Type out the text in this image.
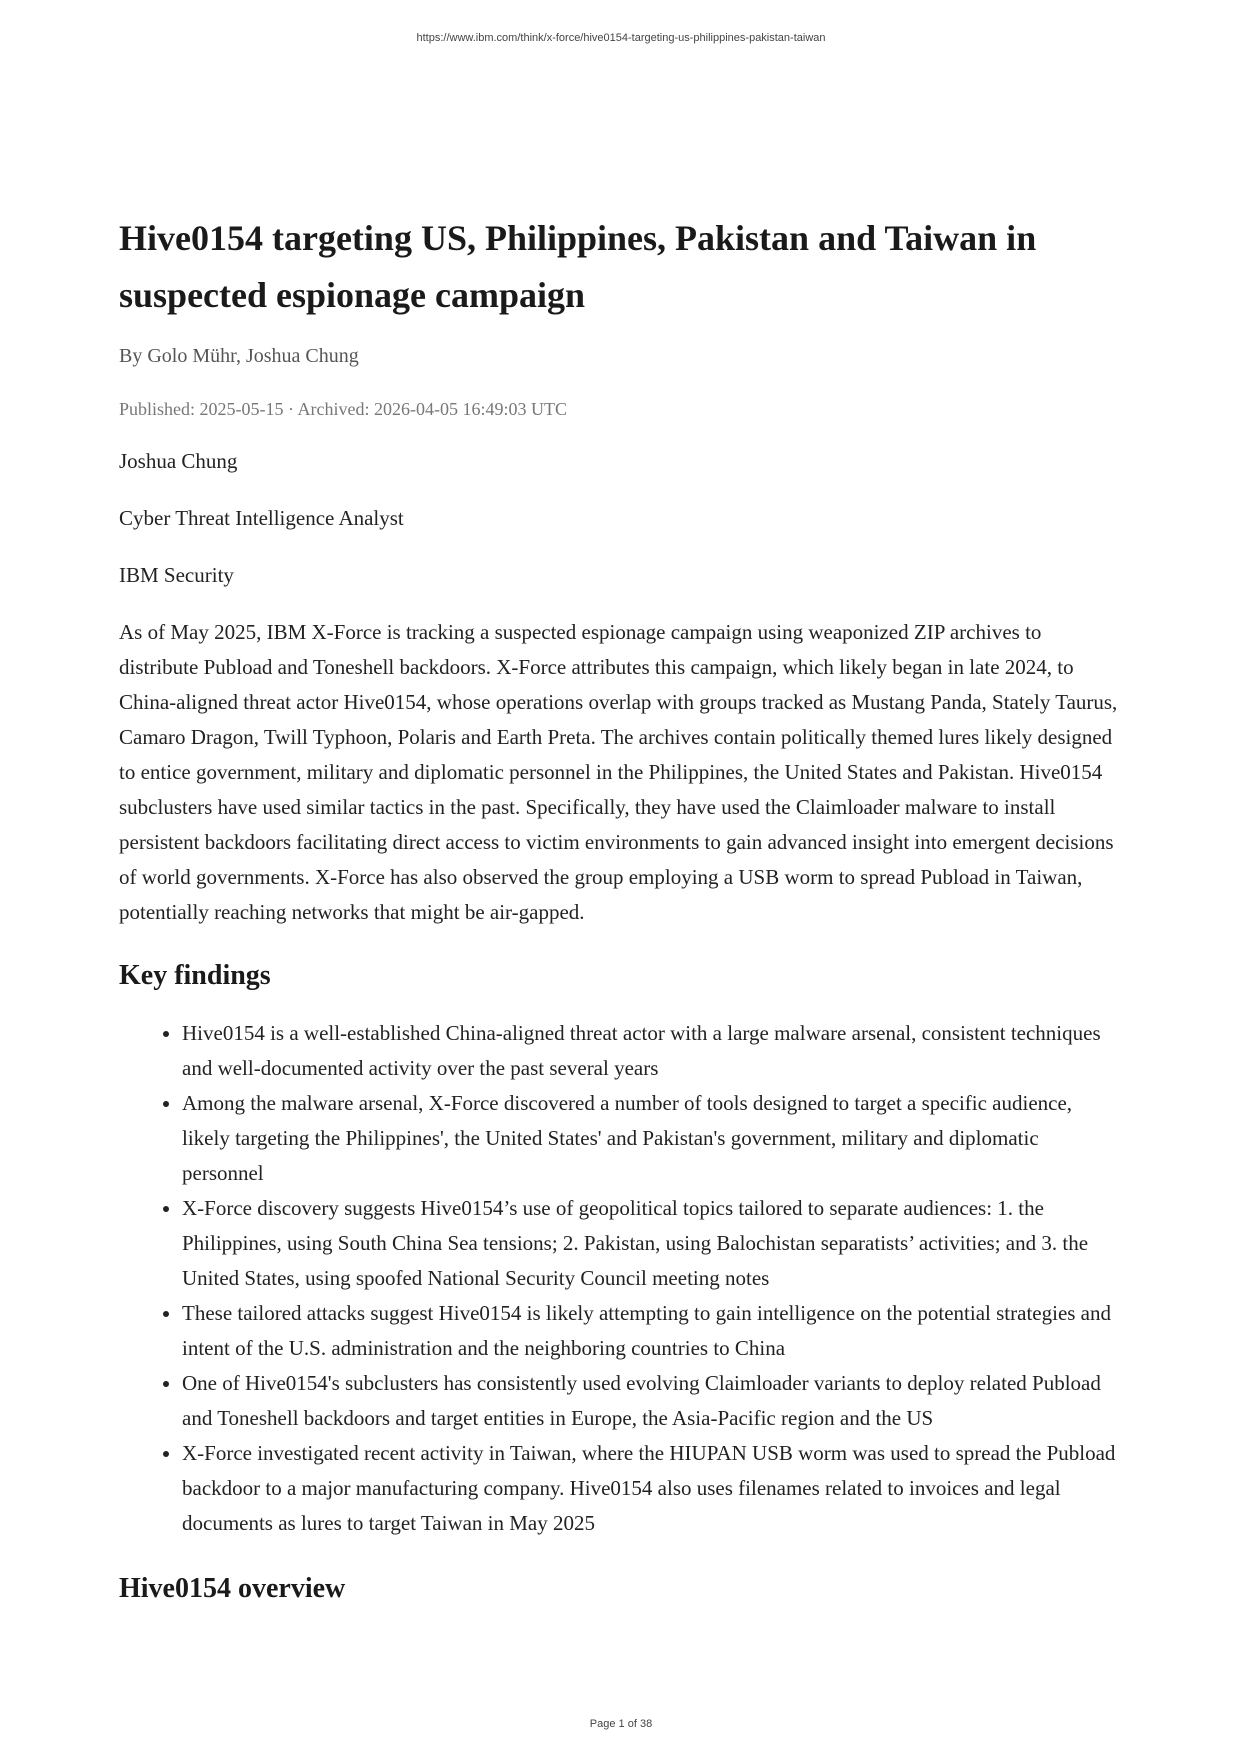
https://www.ibm.com/think/x-force/hive0154-targeting-us-philippines-pakistan-taiwan
Hive0154 targeting US, Philippines, Pakistan and Taiwan in suspected espionage campaign
By Golo Mühr, Joshua Chung
Published: 2025-05-15 · Archived: 2026-04-05 16:49:03 UTC

Joshua Chung

Cyber Threat Intelligence Analyst

IBM Security

As of May 2025, IBM X-Force is tracking a suspected espionage campaign using weaponized ZIP archives to distribute Pubload and Toneshell backdoors. X-Force attributes this campaign, which likely began in late 2024, to China-aligned threat actor Hive0154, whose operations overlap with groups tracked as Mustang Panda, Stately Taurus, Camaro Dragon, Twill Typhoon, Polaris and Earth Preta. The archives contain politically themed lures likely designed to entice government, military and diplomatic personnel in the Philippines, the United States and Pakistan. Hive0154 subclusters have used similar tactics in the past. Specifically, they have used the Claimloader malware to install persistent backdoors facilitating direct access to victim environments to gain advanced insight into emergent decisions of world governments. X-Force has also observed the group employing a USB worm to spread Pubload in Taiwan, potentially reaching networks that might be air-gapped.

Key findings
• Hive0154 is a well-established China-aligned threat actor with a large malware arsenal, consistent techniques and well-documented activity over the past several years
• Among the malware arsenal, X-Force discovered a number of tools designed to target a specific audience, likely targeting the Philippines', the United States' and Pakistan's government, military and diplomatic personnel
• X-Force discovery suggests Hive0154’s use of geopolitical topics tailored to separate audiences: 1. the Philippines, using South China Sea tensions; 2. Pakistan, using Balochistan separatists’ activities; and 3. the United States, using spoofed National Security Council meeting notes
• These tailored attacks suggest Hive0154 is likely attempting to gain intelligence on the potential strategies and intent of the U.S. administration and the neighboring countries to China
• One of Hive0154's subclusters has consistently used evolving Claimloader variants to deploy related Pubload and Toneshell backdoors and target entities in Europe, the Asia-Pacific region and the US
• X-Force investigated recent activity in Taiwan, where the HIUPAN USB worm was used to spread the Pubload backdoor to a major manufacturing company. Hive0154 also uses filenames related to invoices and legal documents as lures to target Taiwan in May 2025
Hive0154 overview
Page 1 of 38
